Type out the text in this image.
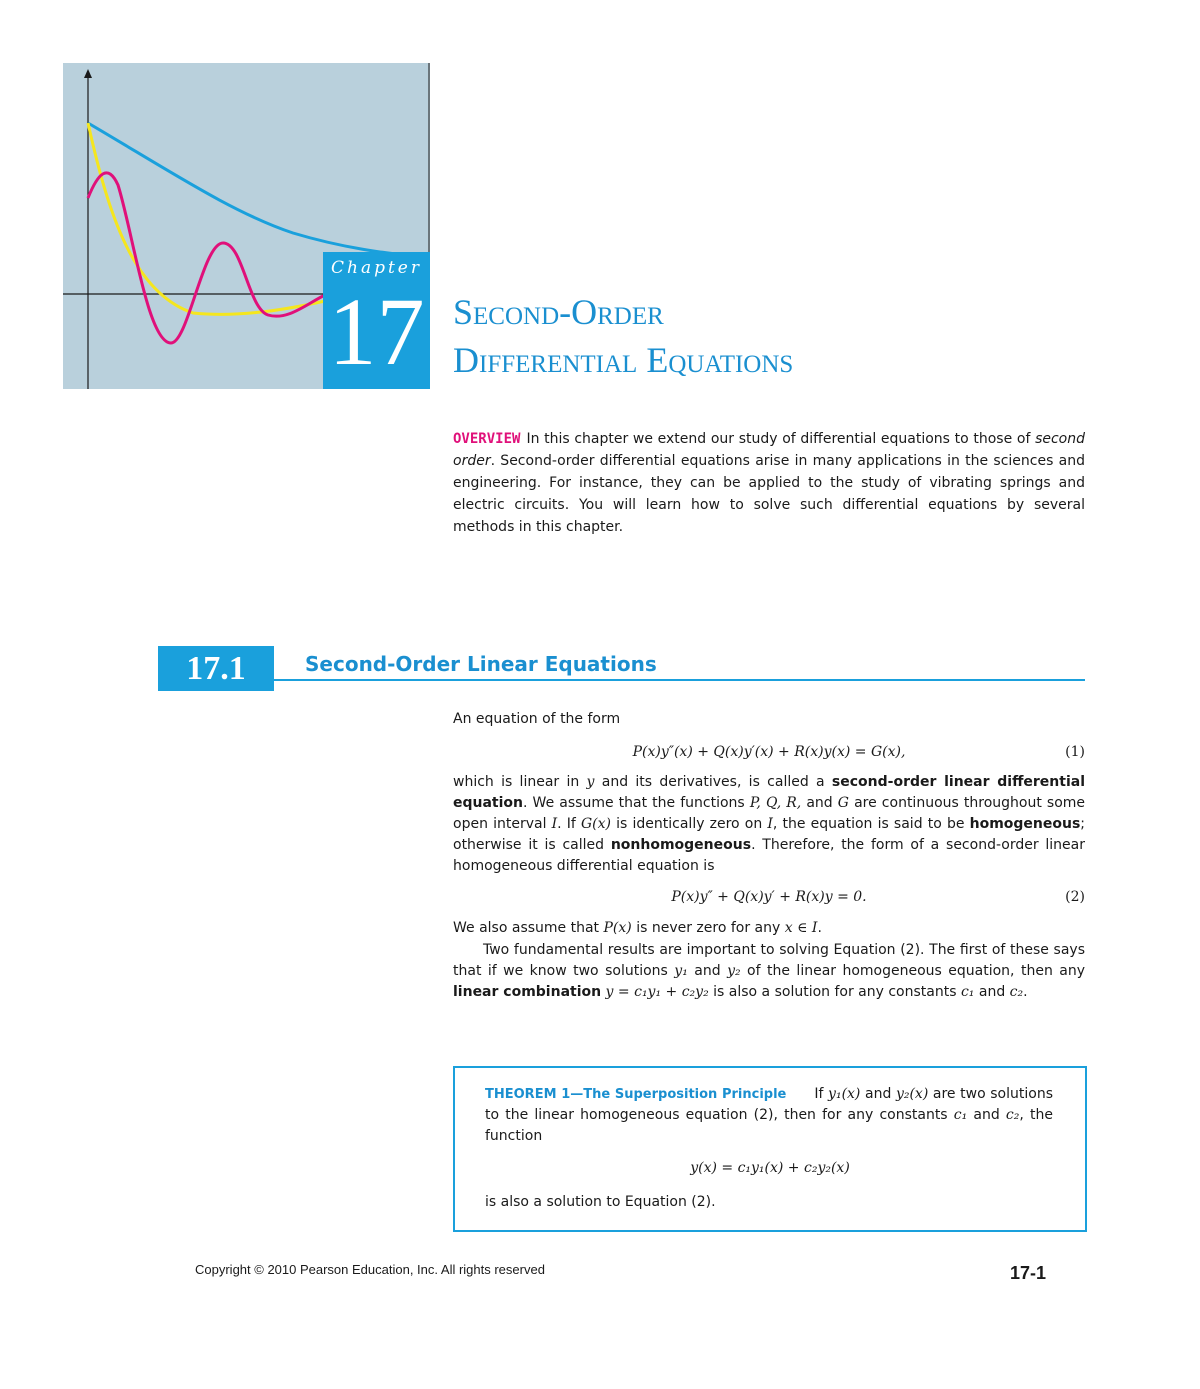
Chapter
17 Second-Order
Differential Equations
OVERVIEW In this chapter we extend our study of differential equations to those of second order. Second-order differential equations arise in many applications in the sciences and engineering. For instance, they can be applied to the study of vibrating springs and electric circuits. You will learn how to solve such differential equations by several methods in this chapter.
17.1	Second-Order Linear Equations
An equation of the form
P(x)y″(x) + Q(x)y′(x) + R(x)y(x) = G(x),	(1)
which is linear in y and its derivatives, is called a second-order linear differential equation. We assume that the functions P, Q, R, and G are continuous throughout some open interval I. If G(x) is identically zero on I, the equation is said to be homogeneous; otherwise it is called nonhomogeneous. Therefore, the form of a second-order linear homogeneous differential equation is
P(x)y″ + Q(x)y′ + R(x)y = 0.	(2)
We also assume that P(x) is never zero for any x ∈ I.
Two fundamental results are important to solving Equation (2). The first of these says that if we know two solutions y₁ and y₂ of the linear homogeneous equation, then any linear combination y = c₁y₁ + c₂y₂ is also a solution for any constants c₁ and c₂.
THEOREM 1—The Superposition Principle If y₁(x) and y₂(x) are two solutions to the linear homogeneous equation (2), then for any constants c₁ and c₂, the function
y(x) = c₁y₁(x) + c₂y₂(x)
is also a solution to Equation (2).
Copyright © 2010 Pearson Education, Inc. All rights reserved	17-1
